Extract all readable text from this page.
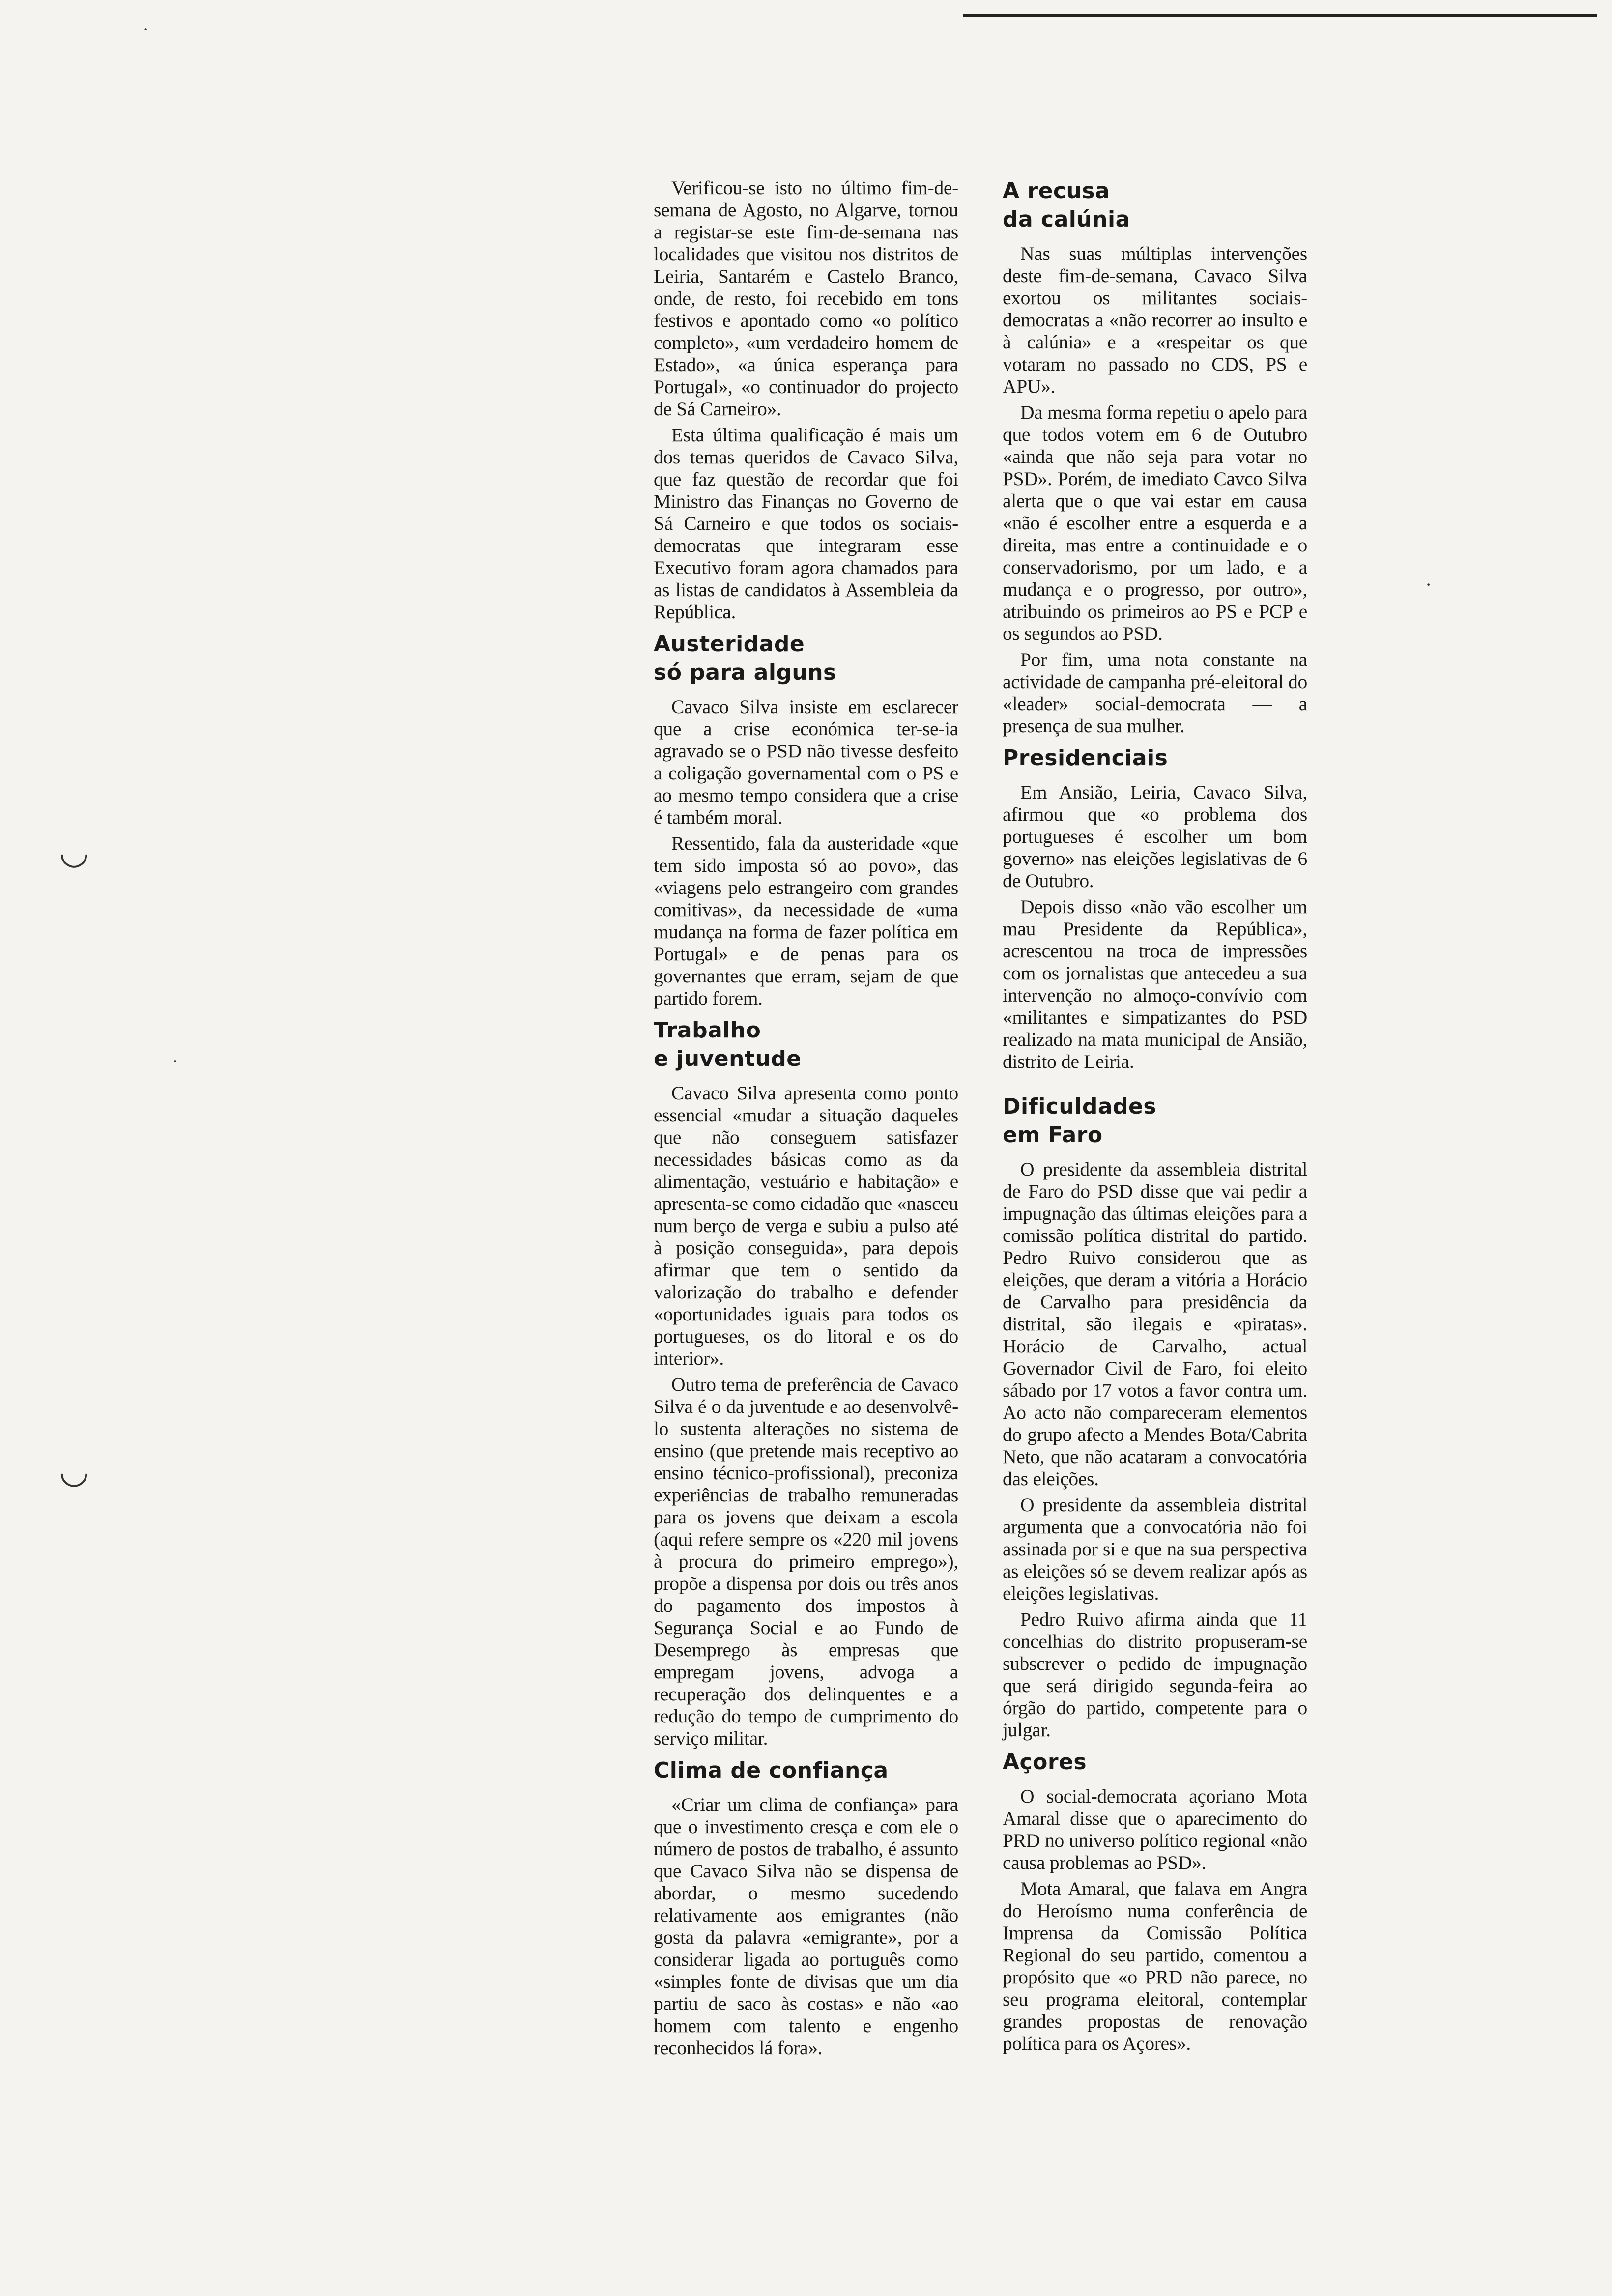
·
·
◡
◡
·

Verificou-se isto no último fim-de-semana de Agosto, no Algarve, tornou a registar-se este fim-de-semana nas localidades que visitou nos distritos de Leiria, Santarém e Castelo Branco, onde, de resto, foi recebido em tons festivos e apontado como «o político completo», «um verdadeiro homem de Estado», «a única esperança para Portugal», «o continuador do projecto de Sá Carneiro».

Esta última qualificação é mais um dos temas queridos de Cavaco Silva, que faz questão de recordar que foi Ministro das Finanças no Governo de Sá Carneiro e que todos os sociais-democratas que integraram esse Executivo foram agora chamados para as listas de candidatos à Assembleia da República.

Austeridade
só para alguns

Cavaco Silva insiste em esclarecer que a crise económica ter-se-ia agravado se o PSD não tivesse desfeito a coligação governamental com o PS e ao mesmo tempo considera que a crise é também moral.

Ressentido, fala da austeridade «que tem sido imposta só ao povo», das «viagens pelo estrangeiro com grandes comitivas», da necessidade de «uma mudança na forma de fazer política em Portugal» e de penas para os governantes que erram, sejam de que partido forem.

Trabalho
e juventude

Cavaco Silva apresenta como ponto essencial «mudar a situação daqueles que não conseguem satisfazer necessidades básicas como as da alimentação, vestuário e habitação» e apresenta-se como cidadão que «nasceu num berço de verga e subiu a pulso até à posição conseguida», para depois afirmar que tem o sentido da valorização do trabalho e defender «oportunidades iguais para todos os portugueses, os do litoral e os do interior».

Outro tema de preferência de Cavaco Silva é o da juventude e ao desenvolvê-lo sustenta alterações no sistema de ensino (que pretende mais receptivo ao ensino técnico-profissional), preconiza experiências de trabalho remuneradas para os jovens que deixam a escola (aqui refere sempre os «220 mil jovens à procura do primeiro emprego»), propõe a dispensa por dois ou três anos do pagamento dos impostos à Segurança Social e ao Fundo de Desemprego às empresas que empregam jovens, advoga a recuperação dos delinquentes e a redução do tempo de cumprimento do serviço militar.

Clima de confiança

«Criar um clima de confiança» para que o investimento cresça e com ele o número de postos de trabalho, é assunto que Cavaco Silva não se dispensa de abordar, o mesmo sucedendo relativamente aos emigrantes (não gosta da palavra «emigrante», por a considerar ligada ao português como «simples fonte de divisas que um dia partiu de saco às costas» e não «ao homem com talento e engenho reconhecidos lá fora».

A recusa
da calúnia

Nas suas múltiplas intervenções deste fim-de-semana, Cavaco Silva exortou os militantes sociais-democratas a «não recorrer ao insulto e à calúnia» e a «respeitar os que votaram no passado no CDS, PS e APU».

Da mesma forma repetiu o apelo para que todos votem em 6 de Outubro «ainda que não seja para votar no PSD». Porém, de imediato Cavco Silva alerta que o que vai estar em causa «não é escolher entre a esquerda e a direita, mas entre a continuidade e o conservadorismo, por um lado, e a mudança e o progresso, por outro», atribuindo os primeiros ao PS e PCP e os segundos ao PSD.

Por fim, uma nota constante na actividade de campanha pré-eleitoral do «leader» social-democrata — a presença de sua mulher.

Presidenciais

Em Ansião, Leiria, Cavaco Silva, afirmou que «o problema dos portugueses é escolher um bom governo» nas eleições legislativas de 6 de Outubro.

Depois disso «não vão escolher um mau Presidente da República», acrescentou na troca de impressões com os jornalistas que antecedeu a sua intervenção no almoço-convívio com «militantes e simpatizantes do PSD realizado na mata municipal de Ansião, distrito de Leiria.

Dificuldades
em Faro

O presidente da assembleia distrital de Faro do PSD disse que vai pedir a impugnação das últimas eleições para a comissão política distrital do partido. Pedro Ruivo considerou que as eleições, que deram a vitória a Horácio de Carvalho para presidência da distrital, são ilegais e «piratas». Horácio de Carvalho, actual Governador Civil de Faro, foi eleito sábado por 17 votos a favor contra um. Ao acto não compareceram elementos do grupo afecto a Mendes Bota/Cabrita Neto, que não acataram a convocatória das eleições.

O presidente da assembleia distrital argumenta que a convocatória não foi assinada por si e que na sua perspectiva as eleições só se devem realizar após as eleições legislativas.

Pedro Ruivo afirma ainda que 11 concelhias do distrito propuseram-se subscrever o pedido de impugnação que será dirigido segunda-feira ao órgão do partido, competente para o julgar.

Açores

O social-democrata açoriano Mota Amaral disse que o aparecimento do PRD no universo político regional «não causa problemas ao PSD».

Mota Amaral, que falava em Angra do Heroísmo numa conferência de Imprensa da Comissão Política Regional do seu partido, comentou a propósito que «o PRD não parece, no seu programa eleitoral, contemplar grandes propostas de renovação política para os Açores».
